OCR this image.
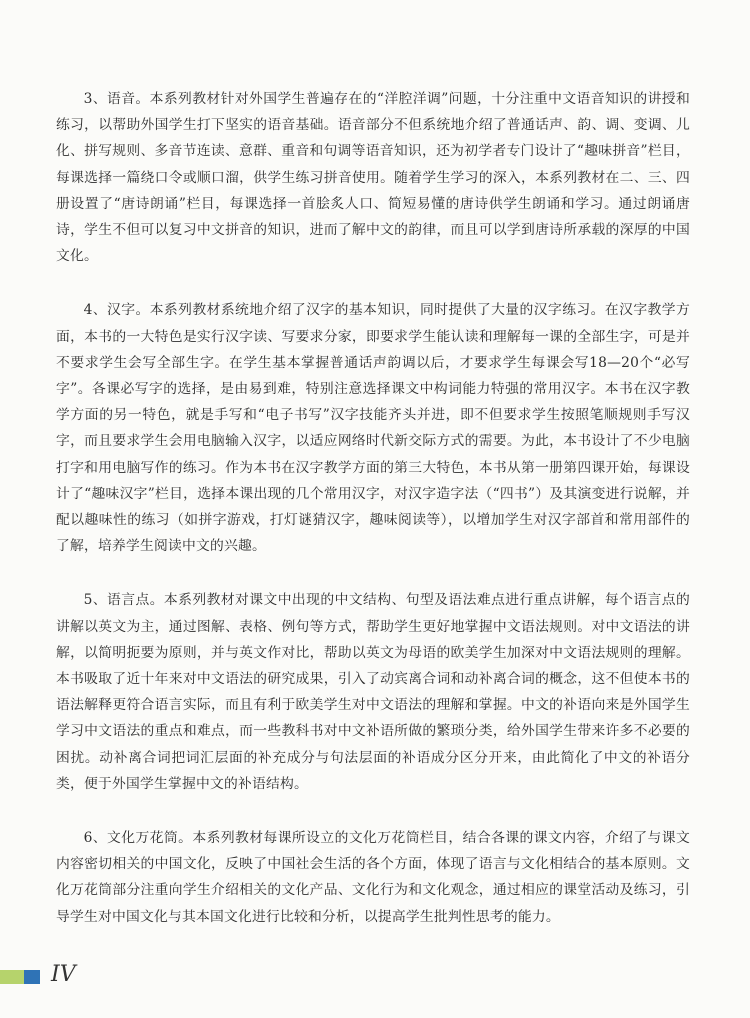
3、语音。本系列教材针对外国学生普遍存在的“洋腔洋调”问题，十分注重中文语音知识的讲授和练习，以帮助外国学生打下坚实的语音基础。语音部分不但系统地介绍了普通话声、韵、调、变调、儿化、拼写规则、多音节连读、意群、重音和句调等语音知识，还为初学者专门设计了“趣味拼音”栏目，每课选择一篇绕口令或顺口溜，供学生练习拼音使用。随着学生学习的深入，本系列教材在二、三、四册设置了“唐诗朗诵”栏目，每课选择一首脍炙人口、简短易懂的唐诗供学生朗诵和学习。通过朗诵唐诗，学生不但可以复习中文拼音的知识，进而了解中文的韵律，而且可以学到唐诗所承载的深厚的中国文化。

4、汉字。本系列教材系统地介绍了汉字的基本知识，同时提供了大量的汉字练习。在汉字教学方面，本书的一大特色是实行汉字读、写要求分家，即要求学生能认读和理解每一课的全部生字，可是并不要求学生会写全部生字。在学生基本掌握普通话声韵调以后，才要求学生每课会写18—20个“必写字”。各课必写字的选择，是由易到难，特别注意选择课文中构词能力特强的常用汉字。本书在汉字教学方面的另一特色，就是手写和“电子书写”汉字技能齐头并进，即不但要求学生按照笔顺规则手写汉字，而且要求学生会用电脑输入汉字，以适应网络时代新交际方式的需要。为此，本书设计了不少电脑打字和用电脑写作的练习。作为本书在汉字教学方面的第三大特色，本书从第一册第四课开始，每课设计了“趣味汉字”栏目，选择本课出现的几个常用汉字，对汉字造字法（“四书”）及其演变进行说解，并配以趣味性的练习（如拼字游戏，打灯谜猜汉字，趣味阅读等），以增加学生对汉字部首和常用部件的了解，培养学生阅读中文的兴趣。

5、语言点。本系列教材对课文中出现的中文结构、句型及语法难点进行重点讲解，每个语言点的讲解以英文为主，通过图解、表格、例句等方式，帮助学生更好地掌握中文语法规则。对中文语法的讲解，以简明扼要为原则，并与英文作对比，帮助以英文为母语的欧美学生加深对中文语法规则的理解。本书吸取了近十年来对中文语法的研究成果，引入了动宾离合词和动补离合词的概念，这不但使本书的语法解释更符合语言实际，而且有利于欧美学生对中文语法的理解和掌握。中文的补语向来是外国学生学习中文语法的重点和难点，而一些教科书对中文补语所做的繁琐分类，给外国学生带来许多不必要的困扰。动补离合词把词汇层面的补充成分与句法层面的补语成分区分开来，由此简化了中文的补语分类，便于外国学生掌握中文的补语结构。

6、文化万花筒。本系列教材每课所设立的文化万花筒栏目，结合各课的课文内容，介绍了与课文内容密切相关的中国文化，反映了中国社会生活的各个方面，体现了语言与文化相结合的基本原则。文化万花筒部分注重向学生介绍相关的文化产品、文化行为和文化观念，通过相应的课堂活动及练习，引导学生对中国文化与其本国文化进行比较和分析，以提高学生批判性思考的能力。

IV
